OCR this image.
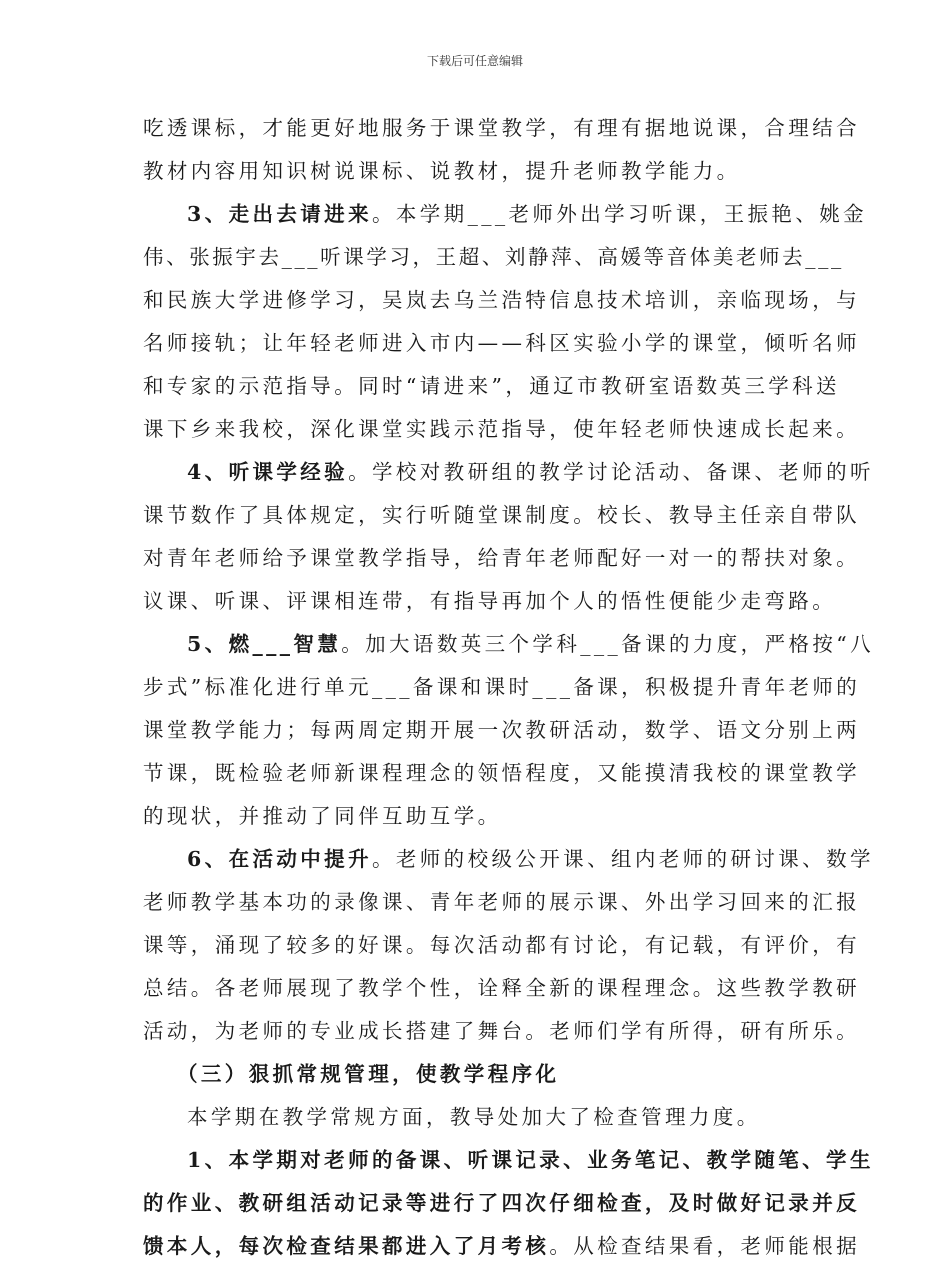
下载后可任意编辑
吃透课标，才能更好地服务于课堂教学，有理有据地说课，合理结合
教材内容用知识树说课标、说教材，提升老师教学能力。
3、走出去请进来。本学期___老师外出学习听课，王振艳、姚金
伟、张振宇去___听课学习，王超、刘静萍、高媛等音体美老师去___
和民族大学进修学习，吴岚去乌兰浩特信息技术培训，亲临现场，与
名师接轨；让年轻老师进入市内——科区实验小学的课堂，倾听名师
和专家的示范指导。同时“请进来”，通辽市教研室语数英三学科送
课下乡来我校，深化课堂实践示范指导，使年轻老师快速成长起来。
4、听课学经验。学校对教研组的教学讨论活动、备课、老师的听
课节数作了具体规定，实行听随堂课制度。校长、教导主任亲自带队
对青年老师给予课堂教学指导，给青年老师配好一对一的帮扶对象。
议课、听课、评课相连带，有指导再加个人的悟性便能少走弯路。
5、燃___智慧。加大语数英三个学科___备课的力度，严格按“八
步式”标准化进行单元___备课和课时___备课，积极提升青年老师的
课堂教学能力；每两周定期开展一次教研活动，数学、语文分别上两
节课，既检验老师新课程理念的领悟程度，又能摸清我校的课堂教学
的现状，并推动了同伴互助互学。
6、在活动中提升。老师的校级公开课、组内老师的研讨课、数学
老师教学基本功的录像课、青年老师的展示课、外出学习回来的汇报
课等，涌现了较多的好课。每次活动都有讨论，有记载，有评价，有
总结。各老师展现了教学个性，诠释全新的课程理念。这些教学教研
活动，为老师的专业成长搭建了舞台。老师们学有所得，研有所乐。
（三）狠抓常规管理，使教学程序化
本学期在教学常规方面，教导处加大了检查管理力度。
1、本学期对老师的备课、听课记录、业务笔记、教学随笔、学生
的作业、教研组活动记录等进行了四次仔细检查，及时做好记录并反
馈本人，每次检查结果都进入了月考核。从检查结果看，老师能根据
